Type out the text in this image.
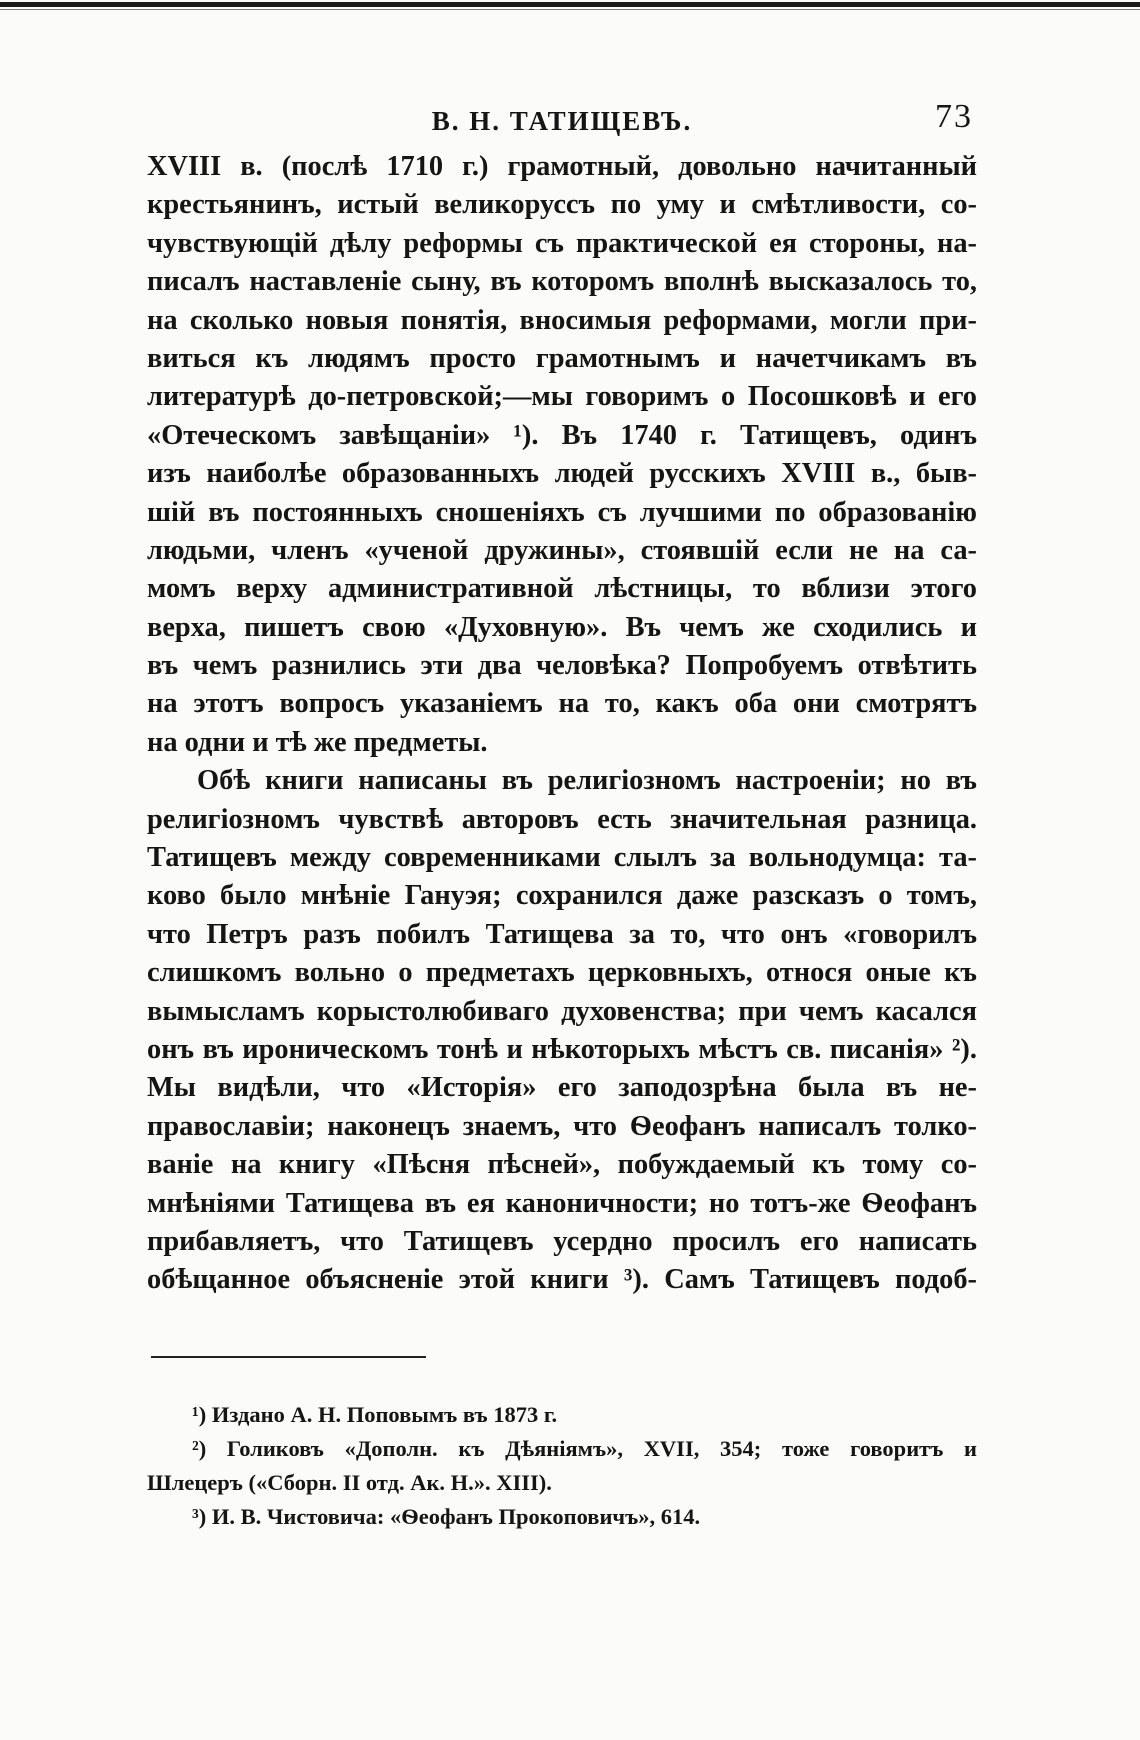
В. Н. ТАТИЩЕВЪ.	73
XVIII в. (послѣ 1710 г.) грамотный, довольно начитанный
крестьянинъ, истый великоруссъ по уму и смѣтливости, со-
чувствующій дѣлу реформы съ практической ея стороны, на-
писалъ наставленіе сыну, въ которомъ вполнѣ высказалось то,
на сколько новыя понятія, вносимыя реформами, могли при-
виться къ людямъ просто грамотнымъ и начетчикамъ въ
литературѣ до-петровской;—мы говоримъ о Посошковѣ и его
«Отеческомъ завѣщаніи» ¹). Въ 1740 г. Татищевъ, одинъ
изъ наиболѣе образованныхъ людей русскихъ XVIII в., быв-
шій въ постоянныхъ сношеніяхъ съ лучшими по образованію
людьми, членъ «ученой дружины», стоявшій если не на са-
момъ верху административной лѣстницы, то вблизи этого
верха, пишетъ свою «Духовную». Въ чемъ же сходились и
въ чемъ разнились эти два человѣка? Попробуемъ отвѣтить
на этотъ вопросъ указаніемъ на то, какъ оба они смотрятъ
на одни и тѣ же предметы.
Обѣ книги написаны въ религіозномъ настроеніи; но въ
религіозномъ чувствѣ авторовъ есть значительная разница.
Татищевъ между современниками слылъ за вольнодумца: та-
ково было мнѣніе Гануэя; сохранился даже разсказъ о томъ,
что Петръ разъ побилъ Татищева за то, что онъ «говорилъ
слишкомъ вольно о предметахъ церковныхъ, относя оные къ
вымысламъ корыстолюбиваго духовенства; при чемъ касался
онъ въ ироническомъ тонѣ и нѣкоторыхъ мѣстъ св. писанія» ²).
Мы видѣли, что «Исторія» его заподозрѣна была въ не-
православіи; наконецъ знаемъ, что Ѳеофанъ написалъ толко-
ваніе на книгу «Пѣсня пѣсней», побуждаемый къ тому со-
мнѣніями Татищева въ ея каноничности; но тотъ-же Ѳеофанъ
прибавляетъ, что Татищевъ усердно просилъ его написать
обѣщанное объясненіе этой книги ³). Самъ Татищевъ подоб-
¹) Издано А. Н. Поповымъ въ 1873 г.
²) Голиковъ «Дополн. къ Дѣяніямъ», XVII, 354; тоже говоритъ и
Шлецеръ («Сборн. II отд. Ак. Н.». XIII).
³) И. В. Чистовича: «Ѳеофанъ Прокоповичъ», 614.
